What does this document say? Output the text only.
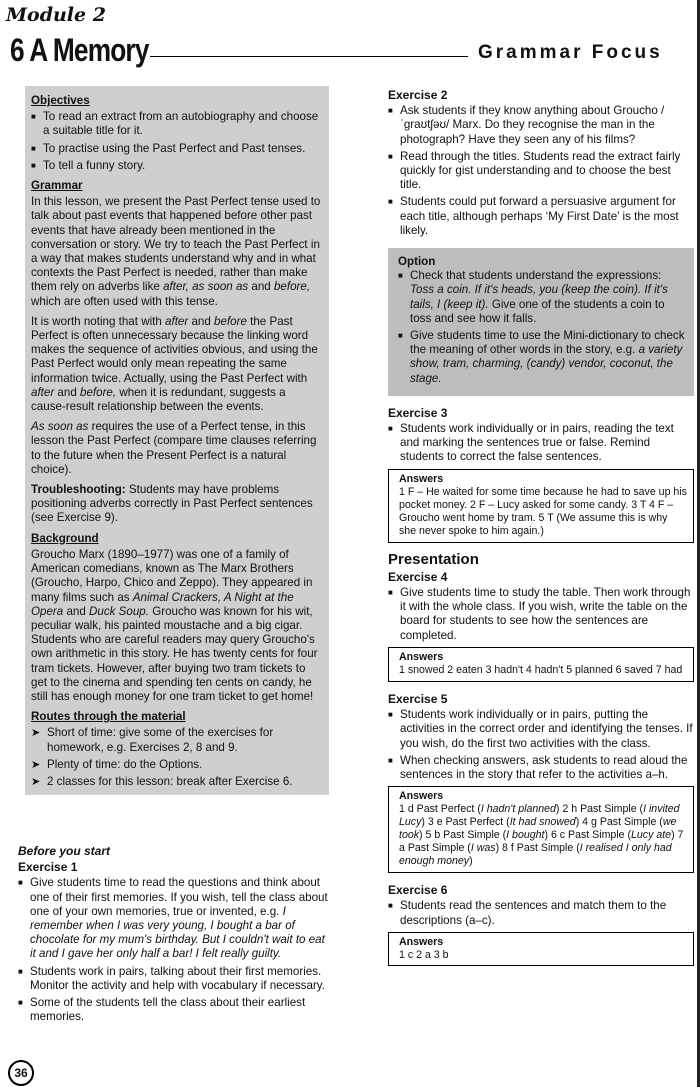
Module 2
6 A Memory	Grammar Focus
Objectives
■ To read an extract from an autobiography and choose a suitable title for it.
■ To practise using the Past Perfect and Past tenses.
■ To tell a funny story.
Grammar

In this lesson, we present the Past Perfect tense used to talk about past events that happened before other past events that have already been mentioned in the conversation or story. We try to teach the Past Perfect in a way that makes students understand why and in what contexts the Past Perfect is needed, rather than make them rely on adverbs like after, as soon as and before, which are often used with this tense.

It is worth noting that with after and before the Past Perfect is often unnecessary because the linking word makes the sequence of activities obvious, and using the Past Perfect would only mean repeating the same information twice. Actually, using the Past Perfect with after and before, when it is redundant, suggests a cause-result relationship between the events.

As soon as requires the use of a Perfect tense, in this lesson the Past Perfect (compare time clauses referring to the future when the Present Perfect is a natural choice).

Troubleshooting: Students may have problems positioning adverbs correctly in Past Perfect sentences (see Exercise 9).

Background

Groucho Marx (1890–1977) was one of a family of American comedians, known as The Marx Brothers (Groucho, Harpo, Chico and Zeppo). They appeared in many films such as Animal Crackers, A Night at the Opera and Duck Soup. Groucho was known for his wit, peculiar walk, his painted moustache and a big cigar. Students who are careful readers may query Groucho's own arithmetic in this story. He has twenty cents for four tram tickets. However, after buying two tram tickets to get to the cinema and spending ten cents on candy, he still has enough money for one tram ticket to get home!

Routes through the material
➤ Short of time: give some of the exercises for homework, e.g. Exercises 2, 8 and 9.
➤ Plenty of time: do the Options.
➤ 2 classes for this lesson: break after Exercise 6.
Before you start
Exercise 1
■ Give students time to read the questions and think about one of their first memories. If you wish, tell the class about one of your own memories, true or invented, e.g. I remember when I was very young, I bought a bar of chocolate for my mum's birthday. But I couldn't wait to eat it and I gave her only half a bar! I felt really guilty.
■ Students work in pairs, talking about their first memories. Monitor the activity and help with vocabulary if necessary.
■ Some of the students tell the class about their earliest memories.
Exercise 2
■ Ask students if they know anything about Groucho /ˈɡraʊtʃəʊ/ Marx. Do they recognise the man in the photograph? Have they seen any of his films?
■ Read through the titles. Students read the extract fairly quickly for gist understanding and to choose the best title.
■ Students could put forward a persuasive argument for each title, although perhaps ‘My First Date’ is the most likely.
Option
■ Check that students understand the expressions: Toss a coin. If it's heads, you (keep the coin). If it's tails, I (keep it). Give one of the students a coin to toss and see how it falls.
■ Give students time to use the Mini-dictionary to check the meaning of other words in the story, e.g. a variety show, tram, charming, (candy) vendor, coconut, the stage.
Exercise 3
■ Students work individually or in pairs, reading the text and marking the sentences true or false. Remind students to correct the false sentences.
Answers
1 F – He waited for some time because he had to save up his pocket money. 2 F – Lucy asked for some candy. 3 T 4 F – Groucho went home by tram. 5 T (We assume this is why she never spoke to him again.)
Presentation
Exercise 4
■ Give students time to study the table. Then work through it with the whole class. If you wish, write the table on the board for students to see how the sentences are completed.
Answers
1 snowed 2 eaten 3 hadn't 4 hadn't 5 planned 6 saved 7 had
Exercise 5
■ Students work individually or in pairs, putting the activities in the correct order and identifying the tenses. If you wish, do the first two activities with the class.
■ When checking answers, ask students to read aloud the sentences in the story that refer to the activities a–h.
Answers
1 d Past Perfect (I hadn't planned) 2 h Past Simple (I invited Lucy) 3 e Past Perfect (It had snowed) 4 g Past Simple (we took) 5 b Past Simple (I bought) 6 c Past Simple (Lucy ate) 7 a Past Simple (I was) 8 f Past Simple (I realised I only had enough money)
Exercise 6
■ Students read the sentences and match them to the descriptions (a–c).
Answers
1 c 2 a 3 b
36
